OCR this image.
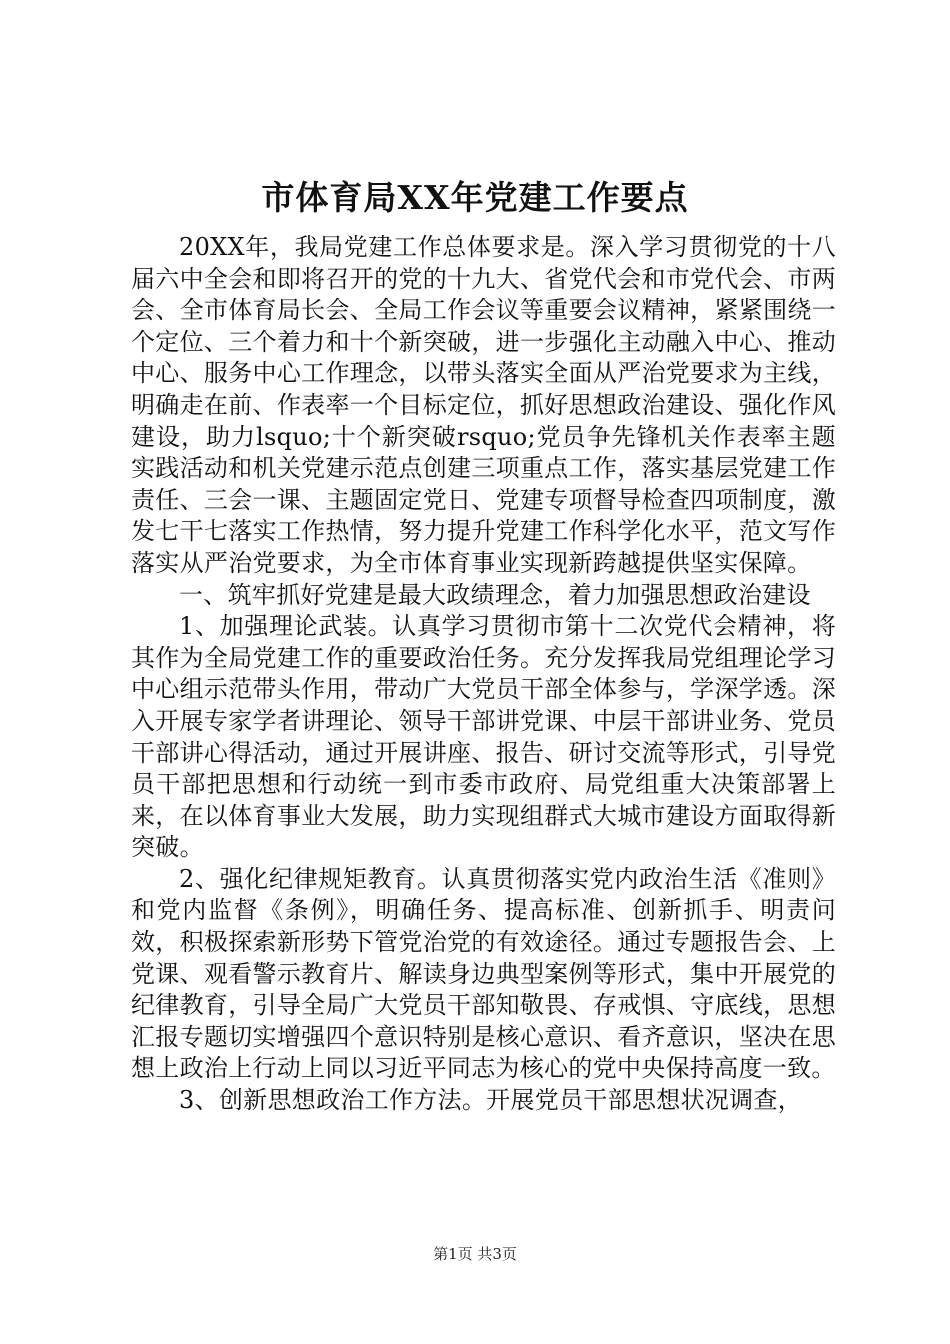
市体育局XX年党建工作要点

20XX年，我局党建工作总体要求是。深入学习贯彻党的十八届六中全会和即将召开的党的十九大、省党代会和市党代会、市两会、全市体育局长会、全局工作会议等重要会议精神，紧紧围绕一个定位、三个着力和十个新突破，进一步强化主动融入中心、推动中心、服务中心工作理念，以带头落实全面从严治党要求为主线，明确走在前、作表率一个目标定位，抓好思想政治建设、强化作风建设，助力lsquo;十个新突破rsquo;党员争先锋机关作表率主题实践活动和机关党建示范点创建三项重点工作，落实基层党建工作责任、三会一课、主题固定党日、党建专项督导检查四项制度，激发七干七落实工作热情，努力提升党建工作科学化水平，范文写作落实从严治党要求，为全市体育事业实现新跨越提供坚实保障。

一、筑牢抓好党建是最大政绩理念，着力加强思想政治建设

1、加强理论武装。认真学习贯彻市第十二次党代会精神，将其作为全局党建工作的重要政治任务。充分发挥我局党组理论学习中心组示范带头作用，带动广大党员干部全体参与，学深学透。深入开展专家学者讲理论、领导干部讲党课、中层干部讲业务、党员干部讲心得活动，通过开展讲座、报告、研讨交流等形式，引导党员干部把思想和行动统一到市委市政府、局党组重大决策部署上来，在以体育事业大发展，助力实现组群式大城市建设方面取得新突破。

2、强化纪律规矩教育。认真贯彻落实党内政治生活《准则》和党内监督《条例》，明确任务、提高标准、创新抓手、明责问效，积极探索新形势下管党治党的有效途径。通过专题报告会、上党课、观看警示教育片、解读身边典型案例等形式，集中开展党的纪律教育，引导全局广大党员干部知敬畏、存戒惧、守底线，思想汇报专题切实增强四个意识特别是核心意识、看齐意识，坚决在思想上政治上行动上同以习近平同志为核心的党中央保持高度一致。

3、创新思想政治工作方法。开展党员干部思想状况调查，

第1页 共3页
